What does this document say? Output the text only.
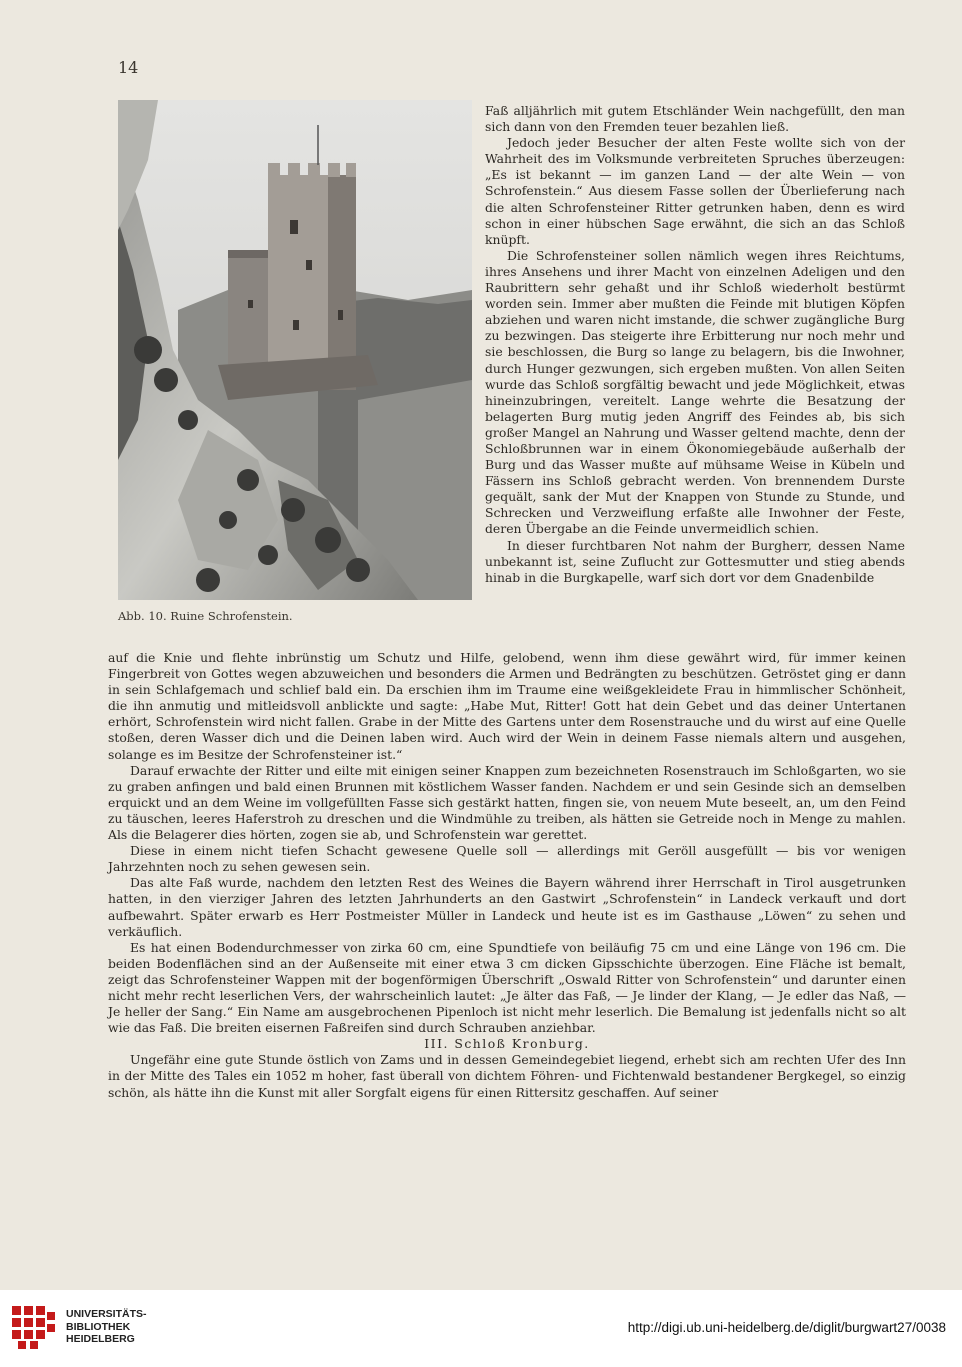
14
Abb. 10. Ruine Schrofenstein.

Faß alljährlich mit gutem Etschländer Wein nachgefüllt, den man sich dann von den Fremden teuer bezahlen ließ.

Jedoch jeder Besucher der alten Feste wollte sich von der Wahrheit des im Volksmunde verbreiteten Spruches überzeugen: „Es ist bekannt — im ganzen Land — der alte Wein — von Schrofenstein.“ Aus diesem Fasse sollen der Überlieferung nach die alten Schrofensteiner Ritter getrunken haben, denn es wird schon in einer hübschen Sage erwähnt, die sich an das Schloß knüpft.

Die Schrofensteiner sollen nämlich wegen ihres Reichtums, ihres Ansehens und ihrer Macht von einzelnen Adeligen und den Raubrittern sehr gehaßt und ihr Schloß wiederholt bestürmt worden sein. Immer aber mußten die Feinde mit blutigen Köpfen abziehen und waren nicht imstande, die schwer zugängliche Burg zu bezwingen. Das steigerte ihre Erbitterung nur noch mehr und sie beschlossen, die Burg so lange zu belagern, bis die Inwohner, durch Hunger gezwungen, sich ergeben mußten. Von allen Seiten wurde das Schloß sorgfältig bewacht und jede Möglichkeit, etwas hineinzubringen, vereitelt. Lange wehrte die Besatzung der belagerten Burg mutig jeden Angriff des Feindes ab, bis sich großer Mangel an Nahrung und Wasser geltend machte, denn der Schloßbrunnen war in einem Ökonomiegebäude außerhalb der Burg und das Wasser mußte auf mühsame Weise in Kübeln und Fässern ins Schloß gebracht werden. Von brennendem Durste gequält, sank der Mut der Knappen von Stunde zu Stunde, und Schrecken und Verzweiflung erfaßte alle Inwohner der Feste, deren Übergabe an die Feinde unvermeidlich schien.

In dieser furchtbaren Not nahm der Burgherr, dessen Name unbekannt ist, seine Zuflucht zur Gottesmutter und stieg abends hinab in die Burgkapelle, warf sich dort vor dem Gnadenbilde

auf die Knie und flehte inbrünstig um Schutz und Hilfe, gelobend, wenn ihm diese gewährt wird, für immer keinen Fingerbreit von Gottes wegen abzuweichen und besonders die Armen und Bedrängten zu beschützen. Getröstet ging er dann in sein Schlafgemach und schlief bald ein. Da erschien ihm im Traume eine weißgekleidete Frau in himmlischer Schönheit, die ihn anmutig und mitleidsvoll anblickte und sagte: „Habe Mut, Ritter! Gott hat dein Gebet und das deiner Untertanen erhört, Schrofenstein wird nicht fallen. Grabe in der Mitte des Gartens unter dem Rosenstrauche und du wirst auf eine Quelle stoßen, deren Wasser dich und die Deinen laben wird. Auch wird der Wein in deinem Fasse niemals altern und ausgehen, solange es im Besitze der Schrofensteiner ist.“

Darauf erwachte der Ritter und eilte mit einigen seiner Knappen zum bezeichneten Rosenstrauch im Schloßgarten, wo sie zu graben anfingen und bald einen Brunnen mit köstlichem Wasser fanden. Nachdem er und sein Gesinde sich an demselben erquickt und an dem Weine im vollgefüllten Fasse sich gestärkt hatten, fingen sie, von neuem Mute beseelt, an, um den Feind zu täuschen, leeres Haferstroh zu dreschen und die Windmühle zu treiben, als hätten sie Getreide noch in Menge zu mahlen. Als die Belagerer dies hörten, zogen sie ab, und Schrofenstein war gerettet.

Diese in einem nicht tiefen Schacht gewesene Quelle soll — allerdings mit Geröll ausgefüllt — bis vor wenigen Jahrzehnten noch zu sehen gewesen sein.

Das alte Faß wurde, nachdem den letzten Rest des Weines die Bayern während ihrer Herrschaft in Tirol ausgetrunken hatten, in den vierziger Jahren des letzten Jahrhunderts an den Gastwirt „Schrofenstein“ in Landeck verkauft und dort aufbewahrt. Später erwarb es Herr Postmeister Müller in Landeck und heute ist es im Gasthause „Löwen“ zu sehen und verkäuflich.

Es hat einen Bodendurchmesser von zirka 60 cm, eine Spundtiefe von beiläufig 75 cm und eine Länge von 196 cm. Die beiden Bodenflächen sind an der Außenseite mit einer etwa 3 cm dicken Gipsschichte überzogen. Eine Fläche ist bemalt, zeigt das Schrofensteiner Wappen mit der bogenförmigen Überschrift „Oswald Ritter von Schrofenstein“ und darunter einen nicht mehr recht leserlichen Vers, der wahrscheinlich lautet: „Je älter das Faß, — Je linder der Klang, — Je edler das Naß, — Je heller der Sang.“ Ein Name am ausgebrochenen Pipenloch ist nicht mehr leserlich. Die Bemalung ist jedenfalls nicht so alt wie das Faß. Die breiten eisernen Faßreifen sind durch Schrauben anziehbar.

III. Schloß Kronburg.

Ungefähr eine gute Stunde östlich von Zams und in dessen Gemeindegebiet liegend, erhebt sich am rechten Ufer des Inn in der Mitte des Tales ein 1052 m hoher, fast überall von dichtem Föhren- und Fichtenwald bestandener Bergkegel, so einzig schön, als hätte ihn die Kunst mit aller Sorgfalt eigens für einen Rittersitz geschaffen. Auf seiner

UNIVERSITÄTS-
BIBLIOTHEK
HEIDELBERG
http://digi.ub.uni-heidelberg.de/diglit/burgwart27/0038
